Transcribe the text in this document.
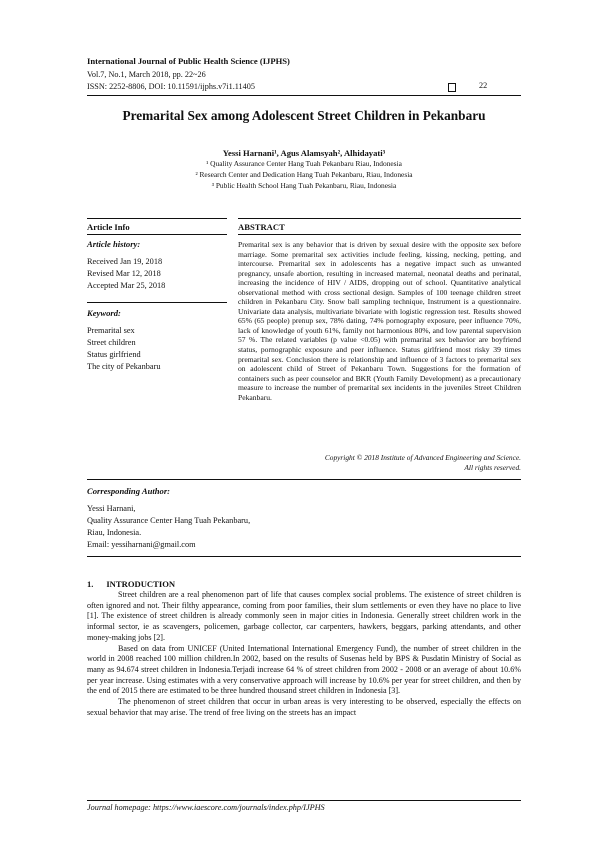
International Journal of Public Health Science (IJPHS)
Vol.7, No.1, March 2018, pp. 22~26
ISSN: 2252-8806, DOI: 10.11591/ijphs.v7i1.11405	22
Premarital Sex among Adolescent Street Children in Pekanbaru
Yessi Harnani¹, Agus Alamsyah², Alhidayati³
¹ Quality Assurance Center Hang Tuah Pekanbaru Riau, Indonesia
² Research Center and Dedication Hang Tuah Pekanbaru, Riau, Indonesia
³ Public Health School Hang Tuah Pekanbaru, Riau, Indonesia
Article Info
Article history:
Received Jan 19, 2018
Revised Mar 12, 2018
Accepted Mar 25, 2018
Keyword:
Premarital sex
Street children
Status girlfriend
The city of Pekanbaru
ABSTRACT
Premarital sex is any behavior that is driven by sexual desire with the opposite sex before marriage. Some premarital sex activities include feeling, kissing, necking, petting, and intercourse. Premarital sex in adolescents has a negative impact such as unwanted pregnancy, unsafe abortion, resulting in increased maternal, neonatal deaths and perinatal, increasing the incidence of HIV / AIDS, dropping out of school. Quantitative analytical observational method with cross sectional design. Samples of 100 teenage children street children in Pekanbaru City. Snow ball sampling technique, Instrument is a questionnaire. Univariate data analysis, multivariate bivariate with logistic regression test. Results showed 65% (65 people) prenup sex, 78% dating, 74% pornography exposure, peer influence 70%, lack of knowledge of youth 61%, family not harmonious 80%, and low parental supervision 57 %. The related variables (p value <0.05) with premarital sex behavior are boyfriend status, pornographic exposure and peer influence. Status girlfriend most risky 39 times premarital sex. Conclusion there is relationship and influence of 3 factors to premarital sex on adolescent child of Street of Pekanbaru Town. Suggestions for the formation of containers such as peer counselor and BKR (Youth Family Development) as a precautionary measure to increase the number of premarital sex incidents in the juveniles Street Children Pekanbaru.
Copyright © 2018 Institute of Advanced Engineering and Science.
All rights reserved.
Corresponding Author:
Yessi Harnani,
Quality Assurance Center Hang Tuah Pekanbaru,
Riau, Indonesia.
Email: yessiharnani@gmail.com
1.      INTRODUCTION

Street children are a real phenomenon part of life that causes complex social problems. The existence of street children is often ignored and not. Their filthy appearance, coming from poor families, their slum settlements or even they have no place to live [1]. The existence of street children is already commonly seen in major cities in Indonesia. Generally street children work in the informal sector, ie as scavengers, policemen, garbage collector, car carpenters, hawkers, beggars, parking attendants, and other money-making jobs [2].

Based on data from UNICEF (United International International Emergency Fund), the number of street children in the world in 2008 reached 100 million children.In 2002, based on the results of Susenas held by BPS & Pusdatin Ministry of Social as many as 94.674 street children in Indonesia.Terjadi increase 64 % of street children from 2002 - 2008 or an average of about 10.6% per year increase. Using estimates with a very conservative approach will increase by 10.6% per year for street children, and then by the end of 2015 there are estimated to be three hundred thousand street children in Indonesia [3].

The phenomenon of street children that occur in urban areas is very interesting to be observed, especially the effects on sexual behavior that may arise. The trend of free living on the streets has an impact

Journal homepage: https://www.iaescore.com/journals/index.php/IJPHS
